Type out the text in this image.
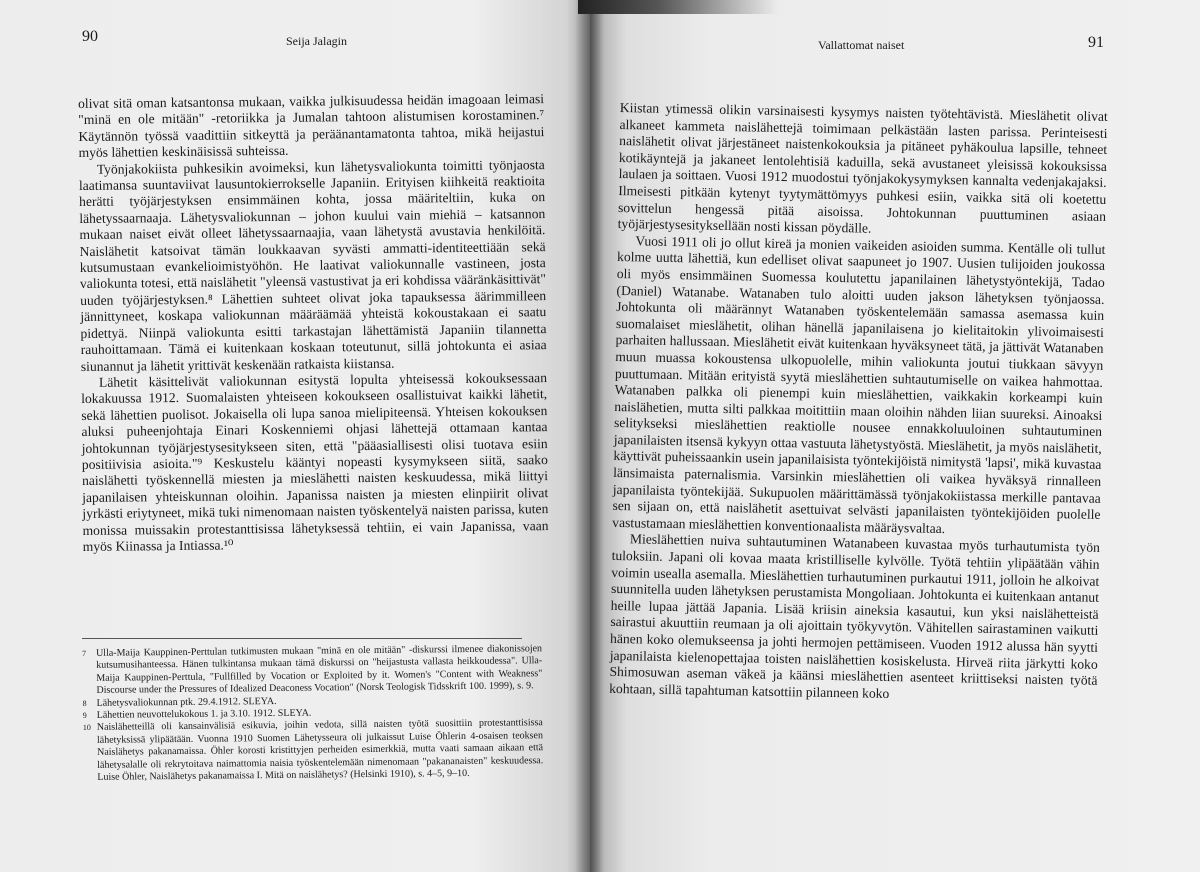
90	Seija Jalagin

olivat sitä oman katsantonsa mukaan, vaikka julkisuudessa heidän imagoaan leimasi "minä en ole mitään" -retoriikka ja Jumalan tahtoon alistumisen korostaminen.⁷ Käytännön työssä vaadittiin sitkeyttä ja peräänantamatonta tahtoa, mikä heijastui myös lähettien keskinäisissä suhteissa.

Työnjakokiista puhkesikin avoimeksi, kun lähetysvaliokunta toimitti työnjaosta laatimansa suuntaviivat lausuntokierrokselle Japaniin. Erityisen kiihkeitä reaktioita herätti työjärjestyksen ensimmäinen kohta, jossa määriteltiin, kuka on lähetyssaarnaaja. Lähetysvaliokunnan – johon kuului vain miehiä – katsannon mukaan naiset eivät olleet lähetyssaarnaajia, vaan lähetystä avustavia henkilöitä. Naislähetit katsoivat tämän loukkaavan syvästi ammatti-identiteettiään sekä kutsumustaan evankelioimistyöhön. He laativat valiokunnalle vastineen, josta valiokunta totesi, että naislähetit "yleensä vastustivat ja eri kohdissa vääränkäsittivät" uuden työjärjestyksen.⁸ Lähettien suhteet olivat joka tapauksessa äärimmilleen jännittyneet, koskapa valiokunnan määräämää yhteistä kokoustakaan ei saatu pidettyä. Niinpä valiokunta esitti tarkastajan lähettämistä Japaniin tilannetta rauhoittamaan. Tämä ei kuitenkaan koskaan toteutunut, sillä johtokunta ei asiaa siunannut ja lähetit yrittivät keskenään ratkaista kiistansa.

Lähetit käsittelivät valiokunnan esitystä lopulta yhteisessä kokouksessaan lokakuussa 1912. Suomalaisten yhteiseen kokoukseen osallistuivat kaikki lähetit, sekä lähettien puolisot. Jokaisella oli lupa sanoa mielipiteensä. Yhteisen kokouksen aluksi puheenjohtaja Einari Koskenniemi ohjasi lähettejä ottamaan kantaa johtokunnan työjärjestysesitykseen siten, että "pääasiallisesti olisi tuotava esiin positiivisia asioita."⁹ Keskustelu kääntyi nopeasti kysymykseen siitä, saako naislähetti työskennellä miesten ja mieslähetti naisten keskuudessa, mikä liittyi japanilaisen yhteiskunnan oloihin. Japanissa naisten ja miesten elinpiirit olivat jyrkästi eriytyneet, mikä tuki nimenomaan naisten työskentelyä naisten parissa, kuten monissa muissakin protestanttisissa lähetyksessä tehtiin, ei vain Japanissa, vaan myös Kiinassa ja Intiassa.¹⁰

7 Ulla-Maija Kauppinen-Perttulan tutkimusten mukaan "minä en ole mitään" -diskurssi ilmenee diakonissojen kutsumusihanteessa. Hänen tulkintansa mukaan tämä diskurssi on "heijastusta vallasta heikkoudessa". Ulla-Maija Kauppinen-Perttula, "Fullfilled by Vocation or Exploited by it. Women's "Content with Weakness" Discourse under the Pressures of Idealized Deaconess Vocation" (Norsk Teologisk Tidsskrift 100. 1999), s. 9.
8 Lähetysvaliokunnan ptk. 29.4.1912. SLEYA.
9 Lähettien neuvottelukokous 1. ja 3.10. 1912. SLEYA.
10 Naislähetteillä oli kansainvälisiä esikuvia, joihin vedota, sillä naisten työtä suosittiin protestanttisissa lähetyksissä ylipäätään. Vuonna 1910 Suomen Lähetysseura oli julkaissut Luise Öhlerin 4-osaisen teoksen Naislähetys pakanamaissa. Öhler korosti kristittyjen perheiden esimerkkiä, mutta vaati samaan aikaan että lähetysalalle oli rekrytoitava naimattomia naisia työskentelemään nimenomaan "pakananaisten" keskuudessa. Luise Öhler, Naislähetys pakanamaissa I. Mitä on naislähetys? (Helsinki 1910), s. 4–5, 9–10.
Vallattomat naiset	91

Kiistan ytimessä olikin varsinaisesti kysymys naisten työtehtävistä. Mieslähetit olivat alkaneet kammeta naislähettejä toimimaan pelkästään lasten parissa. Perinteisesti naislähetit olivat järjestäneet naistenkokouksia ja pitäneet pyhäkoulua lapsille, tehneet kotikäyntejä ja jakaneet lentolehtisiä kaduilla, sekä avustaneet yleisissä kokouksissa laulaen ja soittaen. Vuosi 1912 muodostui työnjakokysymyksen kannalta vedenjakajaksi. Ilmeisesti pitkään kytenyt tyytymättömyys puhkesi esiin, vaikka sitä oli koetettu sovittelun hengessä pitää aisoissa. Johtokunnan puuttuminen asiaan työjärjestysesityksellään nosti kissan pöydälle.

Vuosi 1911 oli jo ollut kireä ja monien vaikeiden asioiden summa. Kentälle oli tullut kolme uutta lähettiä, kun edelliset olivat saapuneet jo 1907. Uusien tulijoiden joukossa oli myös ensimmäinen Suomessa koulutettu japanilainen lähetystyöntekijä, Tadao (Daniel) Watanabe. Watanaben tulo aloitti uuden jakson lähetyksen työnjaossa. Johtokunta oli määrännyt Watanaben työskentelemään samassa asemassa kuin suomalaiset mieslähetit, olihan hänellä japanilaisena jo kielitaitokin ylivoimaisesti parhaiten hallussaan. Mieslähetit eivät kuitenkaan hyväksyneet tätä, ja jättivät Watanaben muun muassa kokoustensa ulkopuolelle, mihin valiokunta joutui tiukkaan sävyyn puuttumaan. Mitään erityistä syytä mieslähettien suhtautumiselle on vaikea hahmottaa. Watanaben palkka oli pienempi kuin mieslähettien, vaikkakin korkeampi kuin naislähetien, mutta silti palkkaa moitittiin maan oloihin nähden liian suureksi. Ainoaksi selitykseksi mieslähettien reaktiolle nousee ennakkoluuloinen suhtautuminen japanilaisten itsensä kykyyn ottaa vastuuta lähetystyöstä. Mieslähetit, ja myös naislähetit, käyttivät puheissaankin usein japanilaisista työntekijöistä nimitystä 'lapsi', mikä kuvastaa länsimaista paternalismia. Varsinkin mieslähettien oli vaikea hyväksyä rinnalleen japanilaista työntekijää. Sukupuolen määrittämässä työnjakokiistassa merkille pantavaa sen sijaan on, että naislähetit asettuivat selvästi japanilaisten työntekijöiden puolelle vastustamaan mieslähettien konventionaalista määräysvaltaa.

Mieslähettien nuiva suhtautuminen Watanabeen kuvastaa myös turhautumista työn tuloksiin. Japani oli kovaa maata kristilliselle kylvölle. Työtä tehtiin ylipäätään vähin voimin usealla asemalla. Mieslähettien turhautuminen purkautui 1911, jolloin he alkoivat suunnitella uuden lähetyksen perustamista Mongoliaan. Johtokunta ei kuitenkaan antanut heille lupaa jättää Japania. Lisää kriisin aineksia kasautui, kun yksi naislähetteistä sairastui akuuttiin reumaan ja oli ajoittain työkyvytön. Vähitellen sairastaminen vaikutti hänen koko olemukseensa ja johti hermojen pettämiseen. Vuoden 1912 alussa hän syytti japanilaista kielenopettajaa toisten naislähettien kosiskelusta. Hirveä riita järkytti koko Shimosuwan aseman väkeä ja käänsi mieslähettien asenteet kriittiseksi naisten työtä kohtaan, sillä tapahtuman katsottiin pilanneen koko
